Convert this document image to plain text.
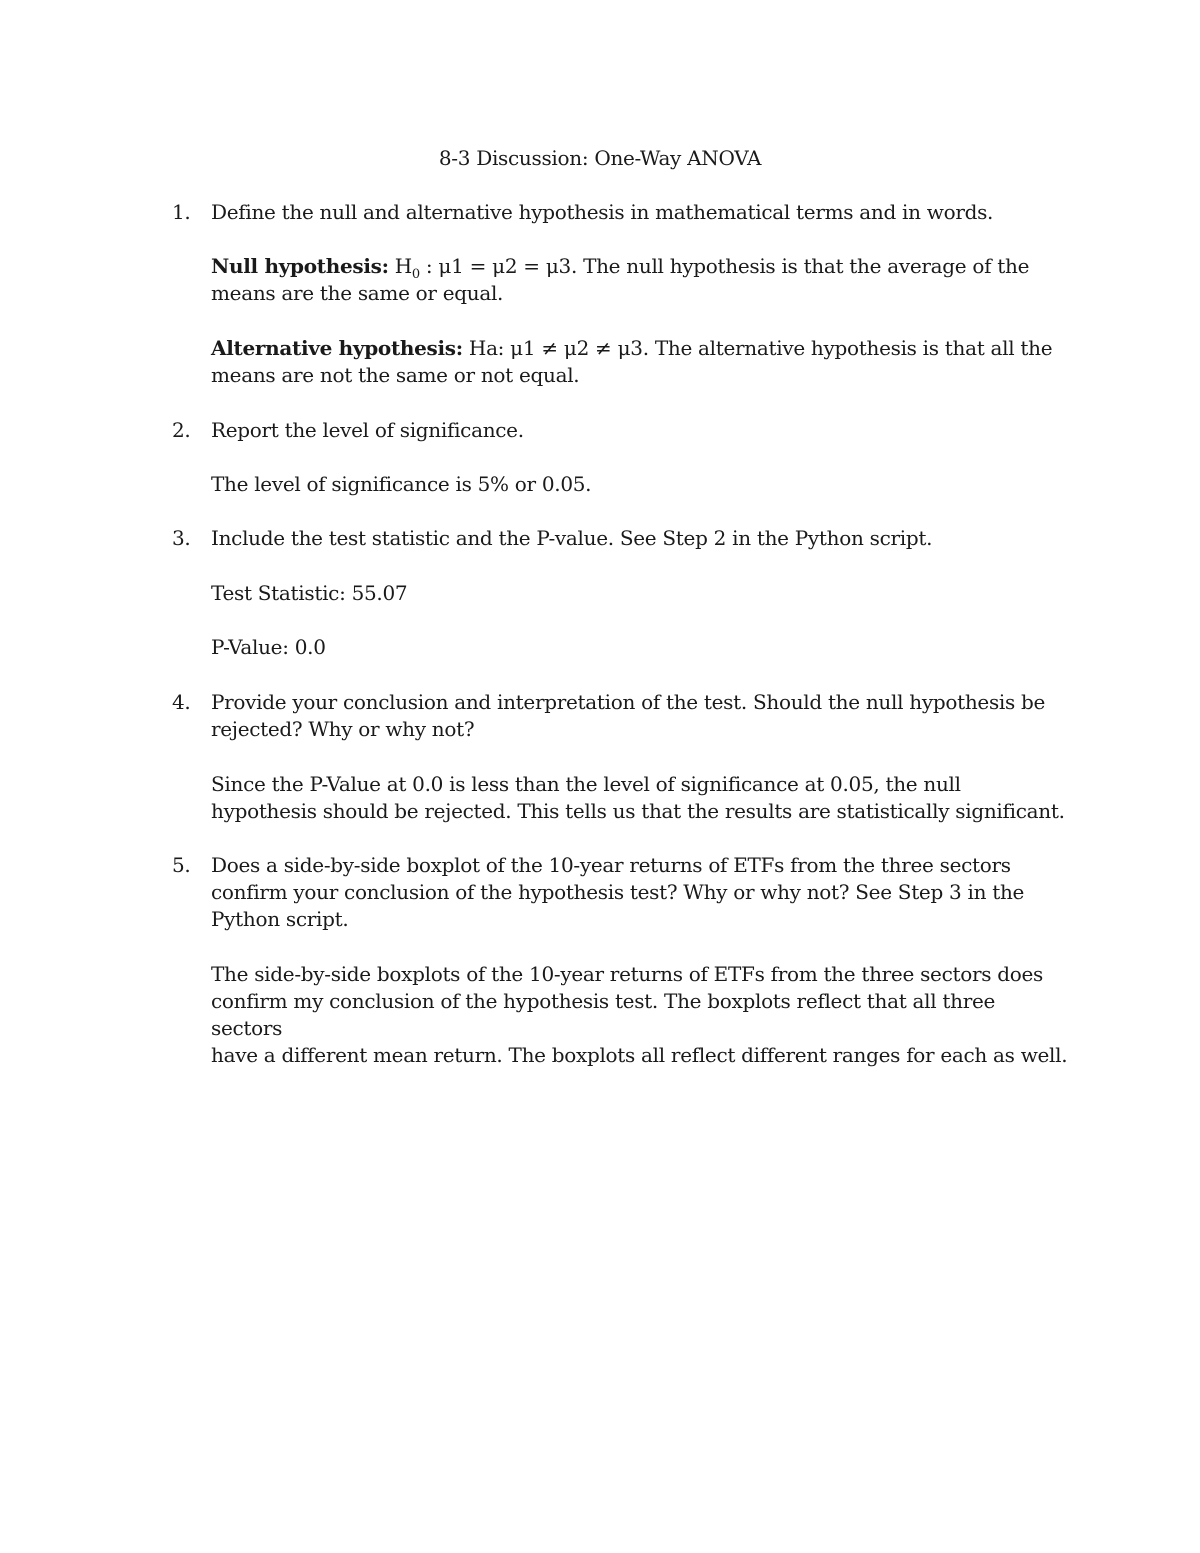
8-3 Discussion: One-Way ANOVA
1.	Define the null and alternative hypothesis in mathematical terms and in words.
Null hypothesis: $H_0$ : μ1 = μ2 = μ3. The null hypothesis is that the average of the
means are the same or equal.
Alternative hypothesis: Ha: μ1 ≠ μ2 ≠ μ3. The alternative hypothesis is that all the
means are not the same or not equal.
2.	Report the level of significance.
The level of significance is 5% or 0.05.
3.	Include the test statistic and the P-value. See Step 2 in the Python script.
Test Statistic: 55.07
P-Value: 0.0
4.	Provide your conclusion and interpretation of the test. Should the null hypothesis be
rejected? Why or why not?
Since the P-Value at 0.0 is less than the level of significance at 0.05, the null
hypothesis should be rejected. This tells us that the results are statistically significant.
5.	Does a side-by-side boxplot of the 10-year returns of ETFs from the three sectors
confirm your conclusion of the hypothesis test? Why or why not? See Step 3 in the
Python script.
The side-by-side boxplots of the 10-year returns of ETFs from the three sectors does
confirm my conclusion of the hypothesis test. The boxplots reflect that all three sectors
have a different mean return. The boxplots all reflect different ranges for each as well.
